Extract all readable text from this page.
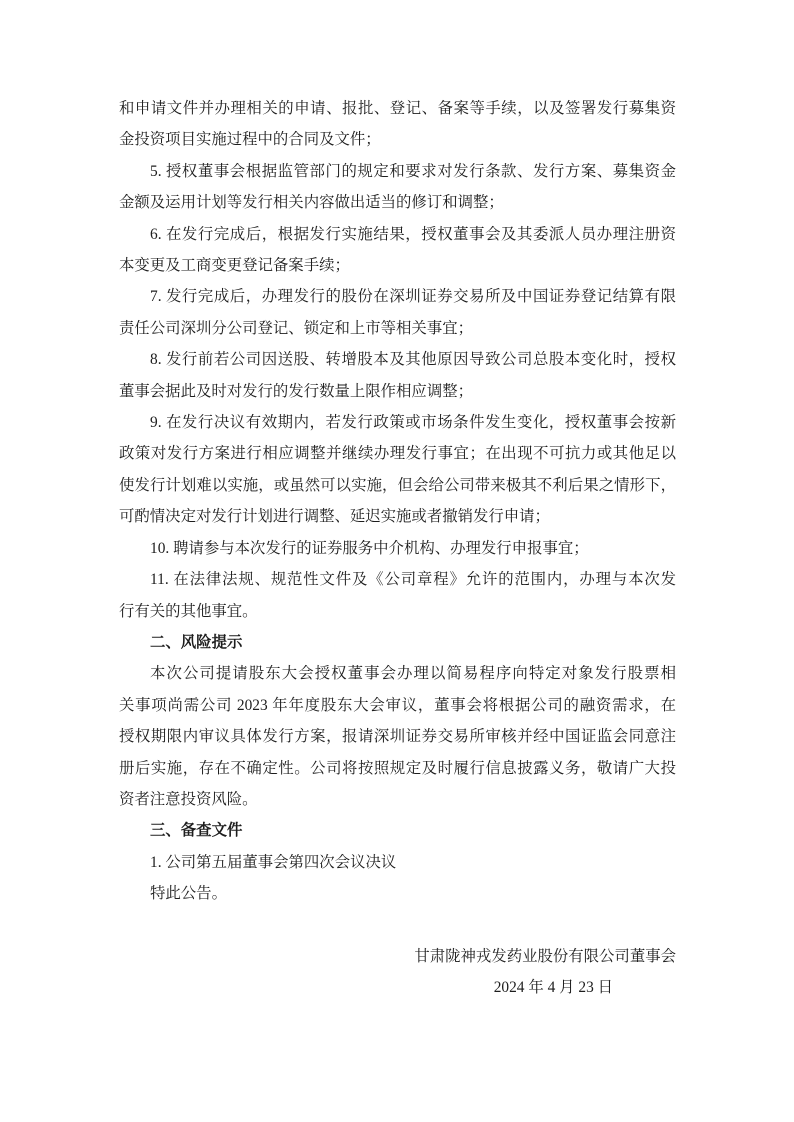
和申请文件并办理相关的申请、报批、登记、备案等手续，以及签署发行募集资
金投资项目实施过程中的合同及文件；
5. 授权董事会根据监管部门的规定和要求对发行条款、发行方案、募集资金
金额及运用计划等发行相关内容做出适当的修订和调整；
6. 在发行完成后，根据发行实施结果，授权董事会及其委派人员办理注册资
本变更及工商变更登记备案手续；
7. 发行完成后，办理发行的股份在深圳证券交易所及中国证券登记结算有限
责任公司深圳分公司登记、锁定和上市等相关事宜；
8. 发行前若公司因送股、转增股本及其他原因导致公司总股本变化时，授权
董事会据此及时对发行的发行数量上限作相应调整；
9. 在发行决议有效期内，若发行政策或市场条件发生变化，授权董事会按新
政策对发行方案进行相应调整并继续办理发行事宜；在出现不可抗力或其他足以
使发行计划难以实施，或虽然可以实施，但会给公司带来极其不利后果之情形下，
可酌情决定对发行计划进行调整、延迟实施或者撤销发行申请；
10. 聘请参与本次发行的证券服务中介机构、办理发行申报事宜；
11. 在法律法规、规范性文件及《公司章程》允许的范围内，办理与本次发
行有关的其他事宜。
二、风险提示
本次公司提请股东大会授权董事会办理以简易程序向特定对象发行股票相
关事项尚需公司 2023 年年度股东大会审议，董事会将根据公司的融资需求，在
授权期限内审议具体发行方案，报请深圳证券交易所审核并经中国证监会同意注
册后实施，存在不确定性。公司将按照规定及时履行信息披露义务，敬请广大投
资者注意投资风险。
三、备查文件
1. 公司第五届董事会第四次会议决议
特此公告。
甘肃陇神戎发药业股份有限公司董事会
2024 年 4 月 23 日
